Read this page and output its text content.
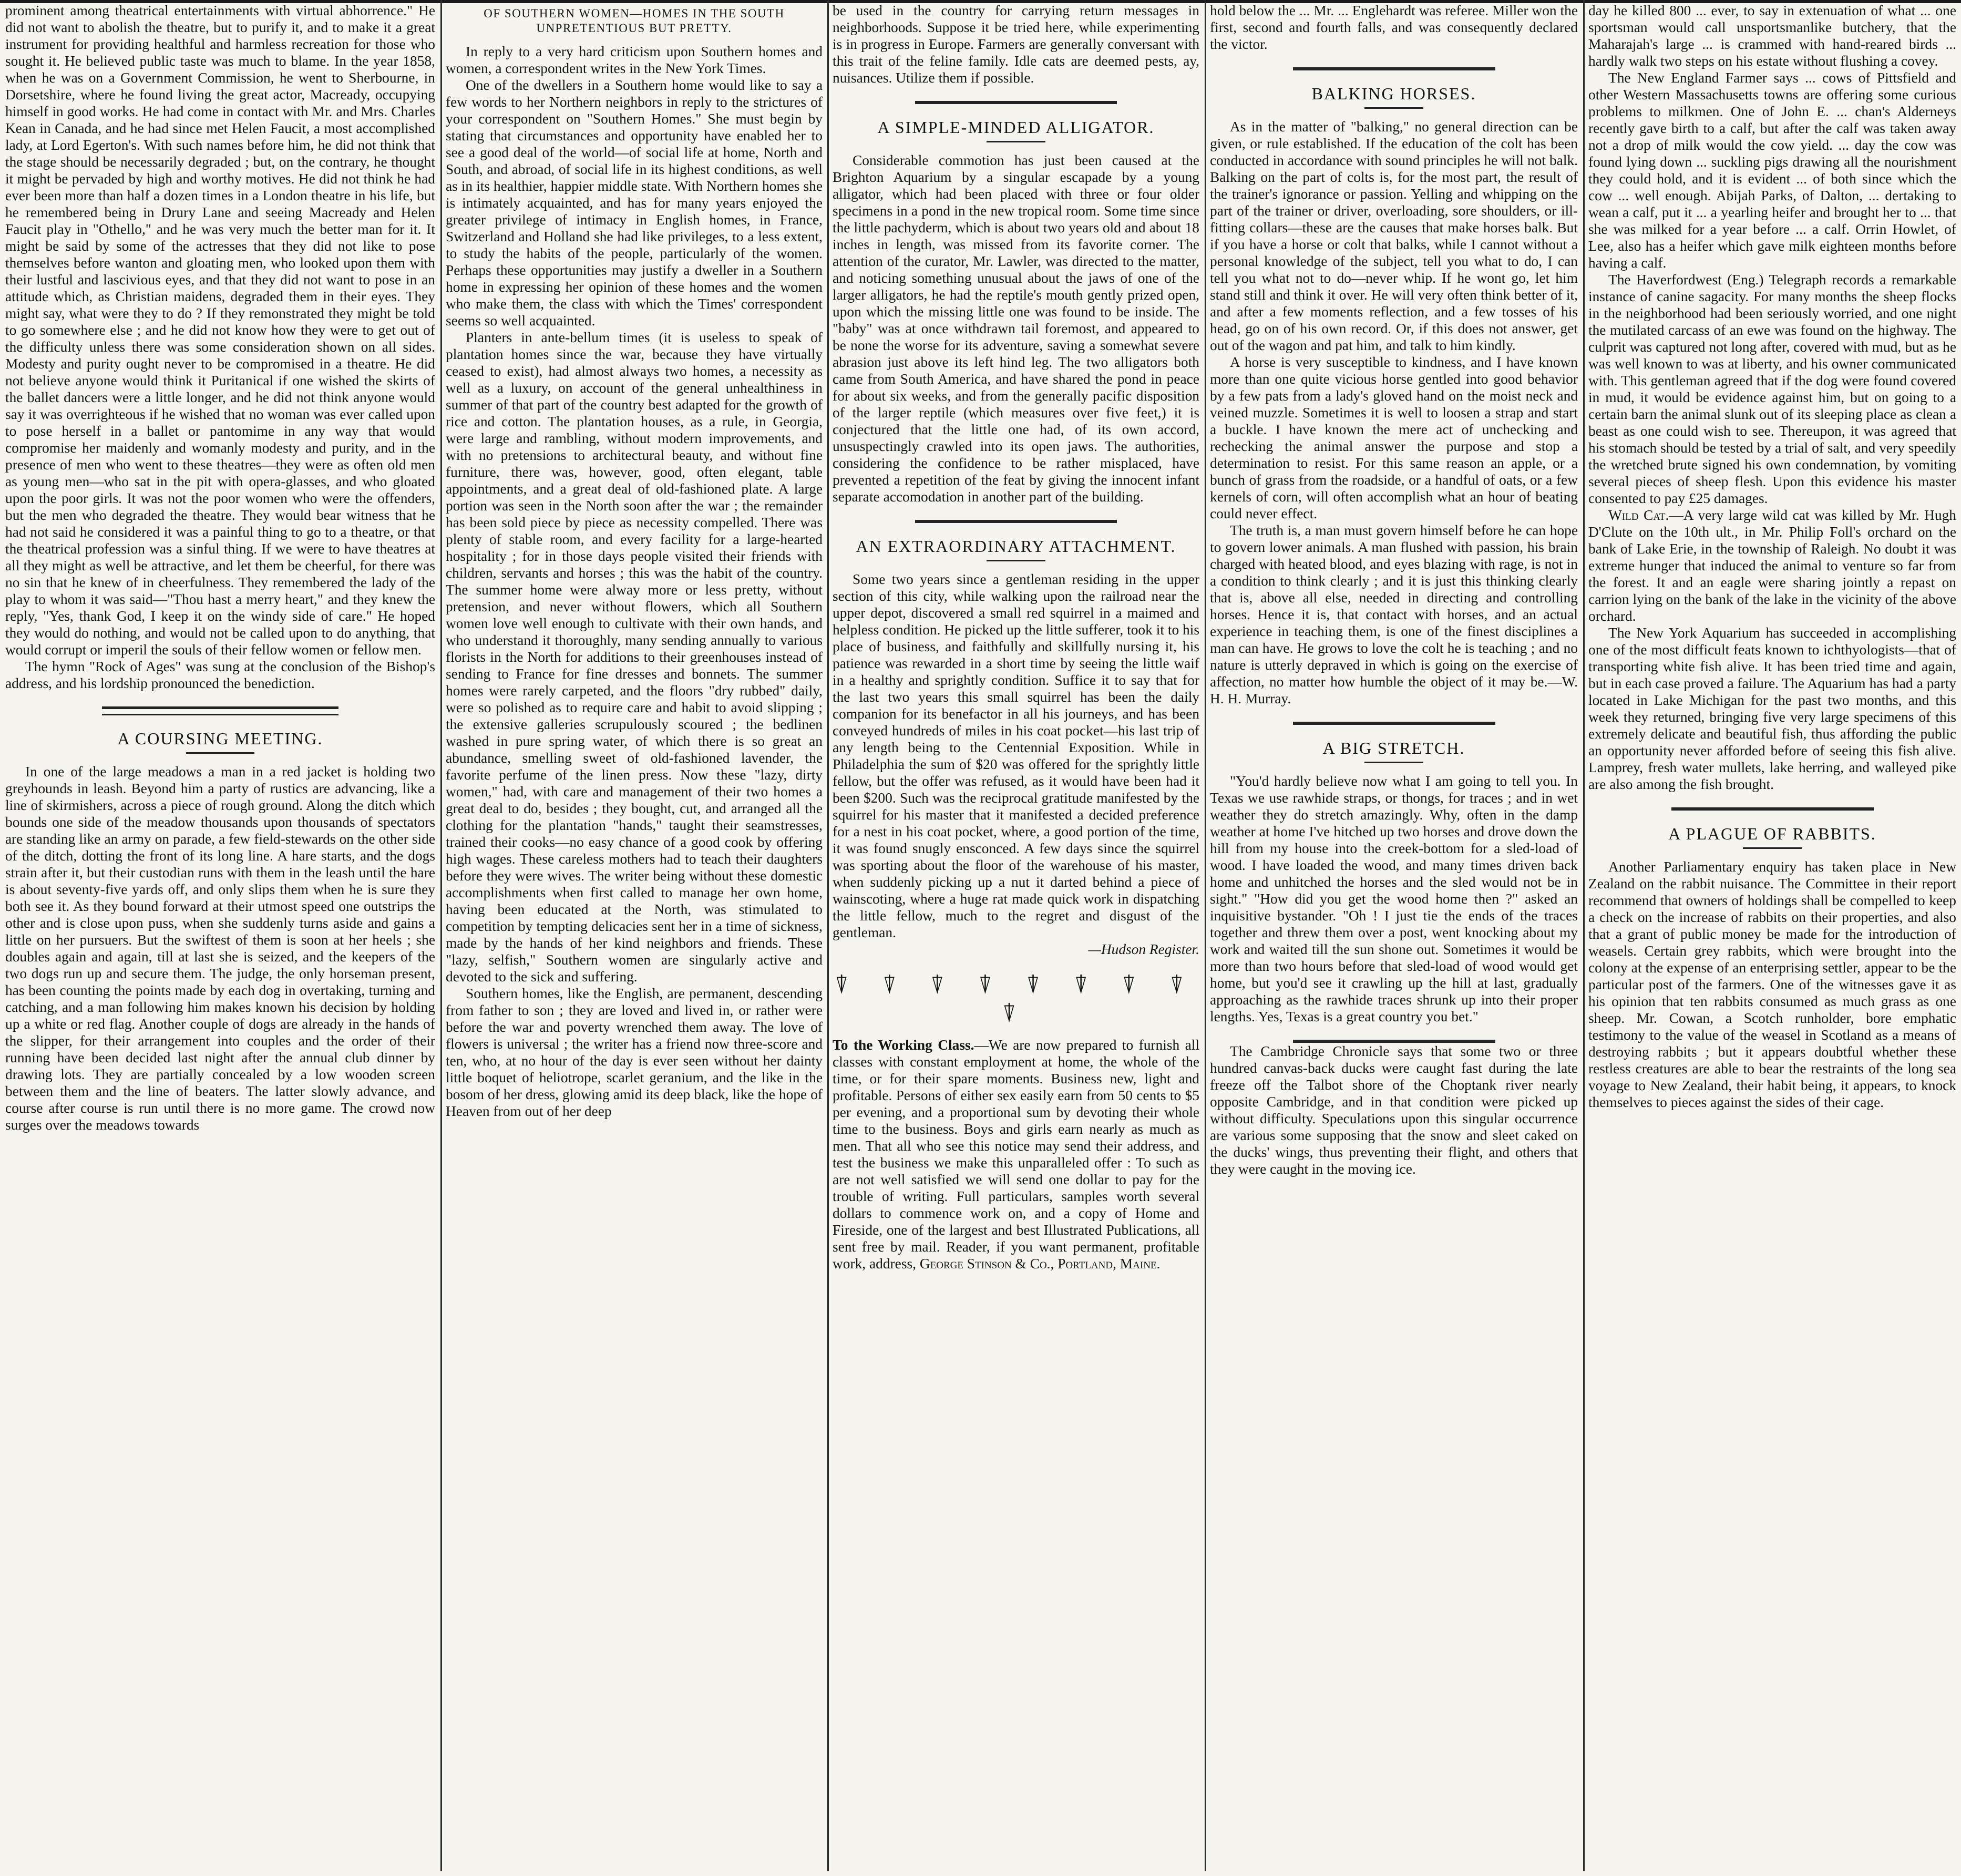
prominent among theatrical entertainments with virtual abhorrence." He did not want to abolish the theatre, but to purify it, and to make it a great instrument for providing healthful and harmless recreation for those who sought it. He believed public taste was much to blame. In the year 1858, when he was on a Government Commission, he went to Sherbourne, in Dorsetshire, where he found living the great actor, Macready, occupying himself in good works. He had come in contact with Mr. and Mrs. Charles Kean in Canada, and he had since met Helen Faucit, a most accomplished lady, at Lord Egerton's. With such names before him, he did not think that the stage should be necessarily degraded ; but, on the contrary, he thought it might be pervaded by high and worthy motives. He did not think he had ever been more than half a dozen times in a London theatre in his life, but he remembered being in Drury Lane and seeing Macready and Helen Faucit play in "Othello," and he was very much the better man for it. It might be said by some of the actresses that they did not like to pose themselves before wanton and gloating men, who looked upon them with their lustful and lascivious eyes, and that they did not want to pose in an attitude which, as Christian maidens, degraded them in their eyes. They might say, what were they to do ? If they remonstrated they might be told to go somewhere else ; and he did not know how they were to get out of the difficulty unless there was some consideration shown on all sides. Modesty and purity ought never to be compromised in a theatre. He did not believe anyone would think it Puritanical if one wished the skirts of the ballet dancers were a little longer, and he did not think anyone would say it was overrighteous if he wished that no woman was ever called upon to pose herself in a ballet or pantomime in any way that would compromise her maidenly and womanly modesty and purity, and in the presence of men who went to these theatres—they were as often old men as young men—who sat in the pit with opera-glasses, and who gloated upon the poor girls. It was not the poor women who were the offenders, but the men who degraded the theatre. They would bear witness that he had not said he considered it was a painful thing to go to a theatre, or that the theatrical profession was a sinful thing. If we were to have theatres at all they might as well be attractive, and let them be cheerful, for there was no sin that he knew of in cheerfulness. They remembered the lady of the play to whom it was said—"Thou hast a merry heart," and they knew the reply, "Yes, thank God, I keep it on the windy side of care." He hoped they would do nothing, and would not be called upon to do anything, that would corrupt or imperil the souls of their fellow women or fellow men.

The hymn "Rock of Ages" was sung at the conclusion of the Bishop's address, and his lordship pronounced the benediction.

A COURSING MEETING.

In one of the large meadows a man in a red jacket is holding two greyhounds in leash. Beyond him a party of rustics are advancing, like a line of skirmishers, across a piece of rough ground. Along the ditch which bounds one side of the meadow thousands upon thousands of spectators are standing like an army on parade, a few field-stewards on the other side of the ditch, dotting the front of its long line. A hare starts, and the dogs strain after it, but their custodian runs with them in the leash until the hare is about seventy-five yards off, and only slips them when he is sure they both see it. As they bound forward at their utmost speed one outstrips the other and is close upon puss, when she suddenly turns aside and gains a little on her pursuers. But the swiftest of them is soon at her heels ; she doubles again and again, till at last she is seized, and the keepers of the two dogs run up and secure them. The judge, the only horseman present, has been counting the points made by each dog in overtaking, turning and catching, and a man following him makes known his decision by holding up a white or red flag. Another couple of dogs are already in the hands of the slipper, for their arrangement into couples and the order of their running have been decided last night after the annual club dinner by drawing lots. They are partially concealed by a low wooden screen between them and the line of beaters. The latter slowly advance, and course after course is run until there is no more game. The crowd now surges over the meadows towards

OF SOUTHERN WOMEN—HOMES IN THE SOUTH UNPRETENTIOUS BUT PRETTY.

In reply to a very hard criticism upon Southern homes and women, a correspondent writes in the New York Times.

One of the dwellers in a Southern home would like to say a few words to her Northern neighbors in reply to the strictures of your correspondent on "Southern Homes." She must begin by stating that circumstances and opportunity have enabled her to see a good deal of the world—of social life at home, North and South, and abroad, of social life in its highest conditions, as well as in its healthier, happier middle state. With Northern homes she is intimately acquainted, and has for many years enjoyed the greater privilege of intimacy in English homes, in France, Switzerland and Holland she had like privileges, to a less extent, to study the habits of the people, particularly of the women. Perhaps these opportunities may justify a dweller in a Southern home in expressing her opinion of these homes and the women who make them, the class with which the Times' correspondent seems so well acquainted.

Planters in ante-bellum times (it is useless to speak of plantation homes since the war, because they have virtually ceased to exist), had almost always two homes, a necessity as well as a luxury, on account of the general unhealthiness in summer of that part of the country best adapted for the growth of rice and cotton. The plantation houses, as a rule, in Georgia, were large and rambling, without modern improvements, and with no pretensions to architectural beauty, and without fine furniture, there was, however, good, often elegant, table appointments, and a great deal of old-fashioned plate. A large portion was seen in the North soon after the war ; the remainder has been sold piece by piece as necessity compelled. There was plenty of stable room, and every facility for a large-hearted hospitality ; for in those days people visited their friends with children, servants and horses ; this was the habit of the country. The summer home were alway more or less pretty, without pretension, and never without flowers, which all Southern women love well enough to cultivate with their own hands, and who understand it thoroughly, many sending annually to various florists in the North for additions to their greenhouses instead of sending to France for fine dresses and bonnets. The summer homes were rarely carpeted, and the floors "dry rubbed" daily, were so polished as to require care and habit to avoid slipping ; the extensive galleries scrupulously scoured ; the bedlinen washed in pure spring water, of which there is so great an abundance, smelling sweet of old-fashioned lavender, the favorite perfume of the linen press. Now these "lazy, dirty women," had, with care and management of their two homes a great deal to do, besides ; they bought, cut, and arranged all the clothing for the plantation "hands," taught their seamstresses, trained their cooks—no easy chance of a good cook by offering high wages. These careless mothers had to teach their daughters before they were wives. The writer being without these domestic accomplishments when first called to manage her own home, having been educated at the North, was stimulated to competition by tempting delicacies sent her in a time of sickness, made by the hands of her kind neighbors and friends. These "lazy, selfish," Southern women are singularly active and devoted to the sick and suffering.

Southern homes, like the English, are permanent, descending from father to son ; they are loved and lived in, or rather were before the war and poverty wrenched them away. The love of flowers is universal ; the writer has a friend now three-score and ten, who, at no hour of the day is ever seen without her dainty little boquet of heliotrope, scarlet geranium, and the like in the bosom of her dress, glowing amid its deep black, like the hope of Heaven from out of her deep

be used in the country for carrying return messages in neighborhoods. Suppose it be tried here, while experimenting is in progress in Europe. Farmers are generally conversant with this trait of the feline family. Idle cats are deemed pests, ay, nuisances. Utilize them if possible.

A SIMPLE-MINDED ALLIGATOR.

Considerable commotion has just been caused at the Brighton Aquarium by a singular escapade by a young alligator, which had been placed with three or four older specimens in a pond in the new tropical room. Some time since the little pachyderm, which is about two years old and about 18 inches in length, was missed from its favorite corner. The attention of the curator, Mr. Lawler, was directed to the matter, and noticing something unusual about the jaws of one of the larger alligators, he had the reptile's mouth gently prized open, upon which the missing little one was found to be inside. The "baby" was at once withdrawn tail foremost, and appeared to be none the worse for its adventure, saving a somewhat severe abrasion just above its left hind leg. The two alligators both came from South America, and have shared the pond in peace for about six weeks, and from the generally pacific disposition of the larger reptile (which measures over five feet,) it is conjectured that the little one had, of its own accord, unsuspectingly crawled into its open jaws. The authorities, considering the confidence to be rather misplaced, have prevented a repetition of the feat by giving the innocent infant separate accomodation in another part of the building.

AN EXTRAORDINARY ATTACHMENT.

Some two years since a gentleman residing in the upper section of this city, while walking upon the railroad near the upper depot, discovered a small red squirrel in a maimed and helpless condition. He picked up the little sufferer, took it to his place of business, and faithfully and skillfully nursing it, his patience was rewarded in a short time by seeing the little waif in a healthy and sprightly condition. Suffice it to say that for the last two years this small squirrel has been the daily companion for its benefactor in all his journeys, and has been conveyed hundreds of miles in his coat pocket—his last trip of any length being to the Centennial Exposition. While in Philadelphia the sum of $20 was offered for the sprightly little fellow, but the offer was refused, as it would have been had it been $200. Such was the reciprocal gratitude manifested by the squirrel for his master that it manifested a decided preference for a nest in his coat pocket, where, a good portion of the time, it was found snugly ensconced. A few days since the squirrel was sporting about the floor of the warehouse of his master, when suddenly picking up a nut it darted behind a piece of wainscoting, where a huge rat made quick work in dispatching the little fellow, much to the regret and disgust of the gentleman.

—Hudson Register.

⍒ ⍒ ⍒ ⍒ ⍒ ⍒ ⍒ ⍒ ⍒

To the Working Class.—We are now prepared to furnish all classes with constant employment at home, the whole of the time, or for their spare moments. Business new, light and profitable. Persons of either sex easily earn from 50 cents to $5 per evening, and a proportional sum by devoting their whole time to the business. Boys and girls earn nearly as much as men. That all who see this notice may send their address, and test the business we make this unparalleled offer : To such as are not well satisfied we will send one dollar to pay for the trouble of writing. Full particulars, samples worth several dollars to commence work on, and a copy of Home and Fireside, one of the largest and best Illustrated Publications, all sent free by mail. Reader, if you want permanent, profitable work, address, George Stinson & Co., Portland, Maine.

hold below the ... Mr. ... Englehardt was referee. Miller won the first, second and fourth falls, and was consequently declared the victor.

BALKING HORSES.

As in the matter of "balking," no general direction can be given, or rule established. If the education of the colt has been conducted in accordance with sound principles he will not balk. Balking on the part of colts is, for the most part, the result of the trainer's ignorance or passion. Yelling and whipping on the part of the trainer or driver, overloading, sore shoulders, or ill-fitting collars—these are the causes that make horses balk. But if you have a horse or colt that balks, while I cannot without a personal knowledge of the subject, tell you what to do, I can tell you what not to do—never whip. If he wont go, let him stand still and think it over. He will very often think better of it, and after a few moments reflection, and a few tosses of his head, go on of his own record. Or, if this does not answer, get out of the wagon and pat him, and talk to him kindly.

A horse is very susceptible to kindness, and I have known more than one quite vicious horse gentled into good behavior by a few pats from a lady's gloved hand on the moist neck and veined muzzle. Sometimes it is well to loosen a strap and start a buckle. I have known the mere act of unchecking and rechecking the animal answer the purpose and stop a determination to resist. For this same reason an apple, or a bunch of grass from the roadside, or a handful of oats, or a few kernels of corn, will often accomplish what an hour of beating could never effect.

The truth is, a man must govern himself before he can hope to govern lower animals. A man flushed with passion, his brain charged with heated blood, and eyes blazing with rage, is not in a condition to think clearly ; and it is just this thinking clearly that is, above all else, needed in directing and controlling horses. Hence it is, that contact with horses, and an actual experience in teaching them, is one of the finest disciplines a man can have. He grows to love the colt he is teaching ; and no nature is utterly depraved in which is going on the exercise of affection, no matter how humble the object of it may be.—W. H. H. Murray.

A BIG STRETCH.

"You'd hardly believe now what I am going to tell you. In Texas we use rawhide straps, or thongs, for traces ; and in wet weather they do stretch amazingly. Why, often in the damp weather at home I've hitched up two horses and drove down the hill from my house into the creek-bottom for a sled-load of wood. I have loaded the wood, and many times driven back home and unhitched the horses and the sled would not be in sight." "How did you get the wood home then ?" asked an inquisitive bystander. "Oh ! I just tie the ends of the traces together and threw them over a post, went knocking about my work and waited till the sun shone out. Sometimes it would be more than two hours before that sled-load of wood would get home, but you'd see it crawling up the hill at last, gradually approaching as the rawhide traces shrunk up into their proper lengths. Yes, Texas is a great country you bet."

The Cambridge Chronicle says that some two or three hundred canvas-back ducks were caught fast during the late freeze off the Talbot shore of the Choptank river nearly opposite Cambridge, and in that condition were picked up without difficulty. Speculations upon this singular occurrence are various some supposing that the snow and sleet caked on the ducks' wings, thus preventing their flight, and others that they were caught in the moving ice.

day he killed 800 ... ever, to say in extenuation of what ... one sportsman would call unsportsmanlike butchery, that the Maharajah's large ... is crammed with hand-reared birds ... hardly walk two steps on his estate without flushing a covey.

The New England Farmer says ... cows of Pittsfield and other Western Massachusetts towns are offering some curious problems to milkmen. One of John E. ... chan's Alderneys recently gave birth to a calf, but after the calf was taken away not a drop of milk would the cow yield. ... day the cow was found lying down ... suckling pigs drawing all the nourishment they could hold, and it is evident ... of both since which the cow ... well enough. Abijah Parks, of Dalton, ... dertaking to wean a calf, put it ... a yearling heifer and brought her to ... that she was milked for a year before ... a calf. Orrin Howlet, of Lee, also has a heifer which gave milk eighteen months before having a calf.

The Haverfordwest (Eng.) Telegraph records a remarkable instance of canine sagacity. For many months the sheep flocks in the neighborhood had been seriously worried, and one night the mutilated carcass of an ewe was found on the highway. The culprit was captured not long after, covered with mud, but as he was well known to was at liberty, and his owner communicated with. This gentleman agreed that if the dog were found covered in mud, it would be evidence against him, but on going to a certain barn the animal slunk out of its sleeping place as clean a beast as one could wish to see. Thereupon, it was agreed that his stomach should be tested by a trial of salt, and very speedily the wretched brute signed his own condemnation, by vomiting several pieces of sheep flesh. Upon this evidence his master consented to pay £25 damages.

Wild Cat.—A very large wild cat was killed by Mr. Hugh D'Clute on the 10th ult., in Mr. Philip Foll's orchard on the bank of Lake Erie, in the township of Raleigh. No doubt it was extreme hunger that induced the animal to venture so far from the forest. It and an eagle were sharing jointly a repast on carrion lying on the bank of the lake in the vicinity of the above orchard.

The New York Aquarium has succeeded in accomplishing one of the most difficult feats known to ichthyologists—that of transporting white fish alive. It has been tried time and again, but in each case proved a failure. The Aquarium has had a party located in Lake Michigan for the past two months, and this week they returned, bringing five very large specimens of this extremely delicate and beautiful fish, thus affording the public an opportunity never afforded before of seeing this fish alive. Lamprey, fresh water mullets, lake herring, and walleyed pike are also among the fish brought.

A PLAGUE OF RABBITS.

Another Parliamentary enquiry has taken place in New Zealand on the rabbit nuisance. The Committee in their report recommend that owners of holdings shall be compelled to keep a check on the increase of rabbits on their properties, and also that a grant of public money be made for the introduction of weasels. Certain grey rabbits, which were brought into the colony at the expense of an enterprising settler, appear to be the particular post of the farmers. One of the witnesses gave it as his opinion that ten rabbits consumed as much grass as one sheep. Mr. Cowan, a Scotch runholder, bore emphatic testimony to the value of the weasel in Scotland as a means of destroying rabbits ; but it appears doubtful whether these restless creatures are able to bear the restraints of the long sea voyage to New Zealand, their habit being, it appears, to knock themselves to pieces against the sides of their cage.
